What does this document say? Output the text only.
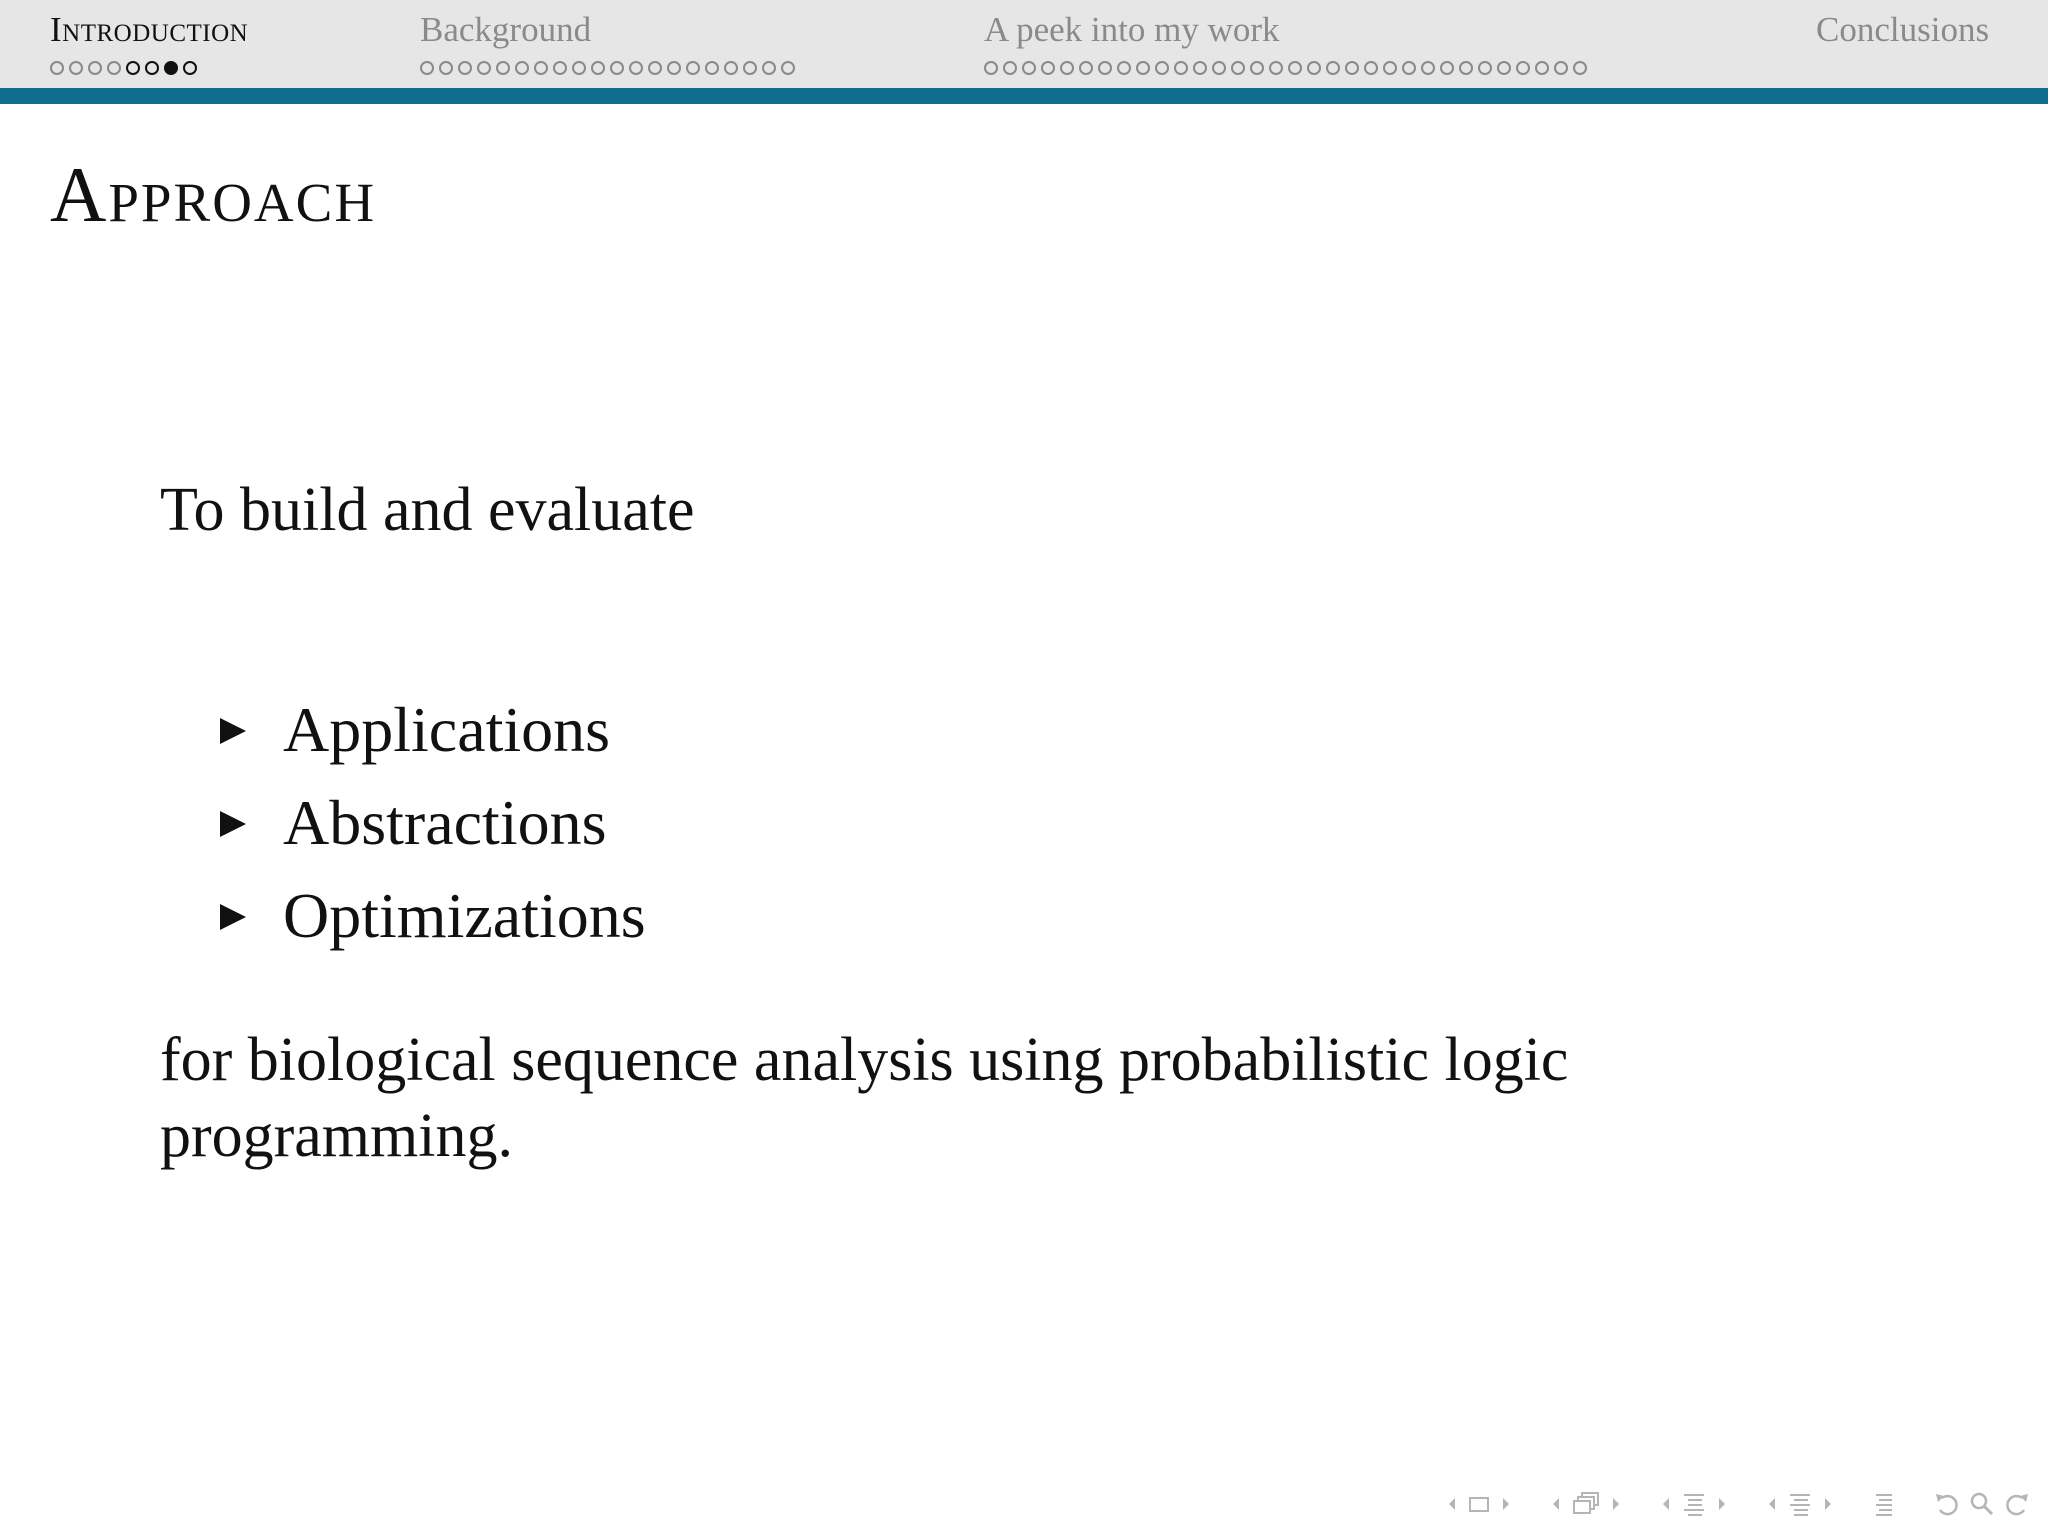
Introduction	Background	A peek into my work	Conclusions
Approach
To build and evaluate
Applications
Abstractions
Optimizations
for biological sequence analysis using probabilistic logic programming.
